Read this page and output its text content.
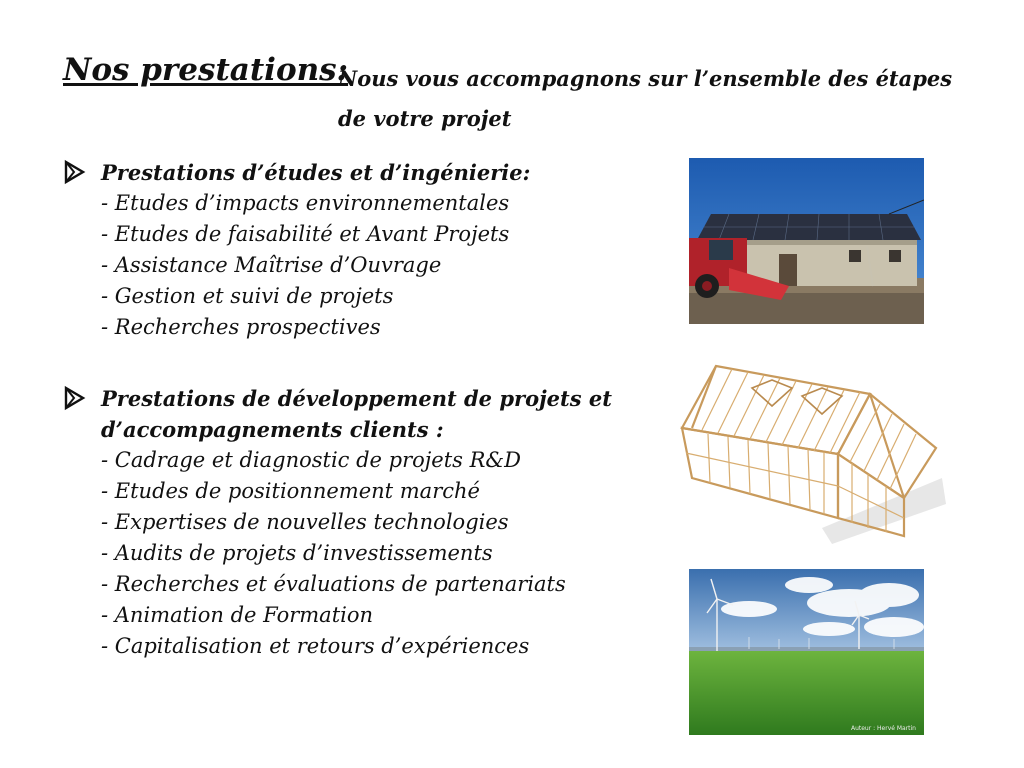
Nos prestations:

Nous vous accompagnons sur l’ensemble des étapes de votre projet

Prestations d’études et d’ingénierie:
- Etudes d’impacts environnementales
- Etudes de faisabilité et Avant Projets
- Assistance Maîtrise d’Ouvrage
- Gestion et suivi de projets
- Recherches prospectives
Prestations de développement de projets et d’accompagnements clients :
- Cadrage et diagnostic de projets R&D
- Etudes de positionnement marché
- Expertises de nouvelles technologies
- Audits de projets d’investissements
- Recherches et évaluations de partenariats
- Animation de Formation
- Capitalisation et retours d’expériences
Auteur : Hervé Martin
